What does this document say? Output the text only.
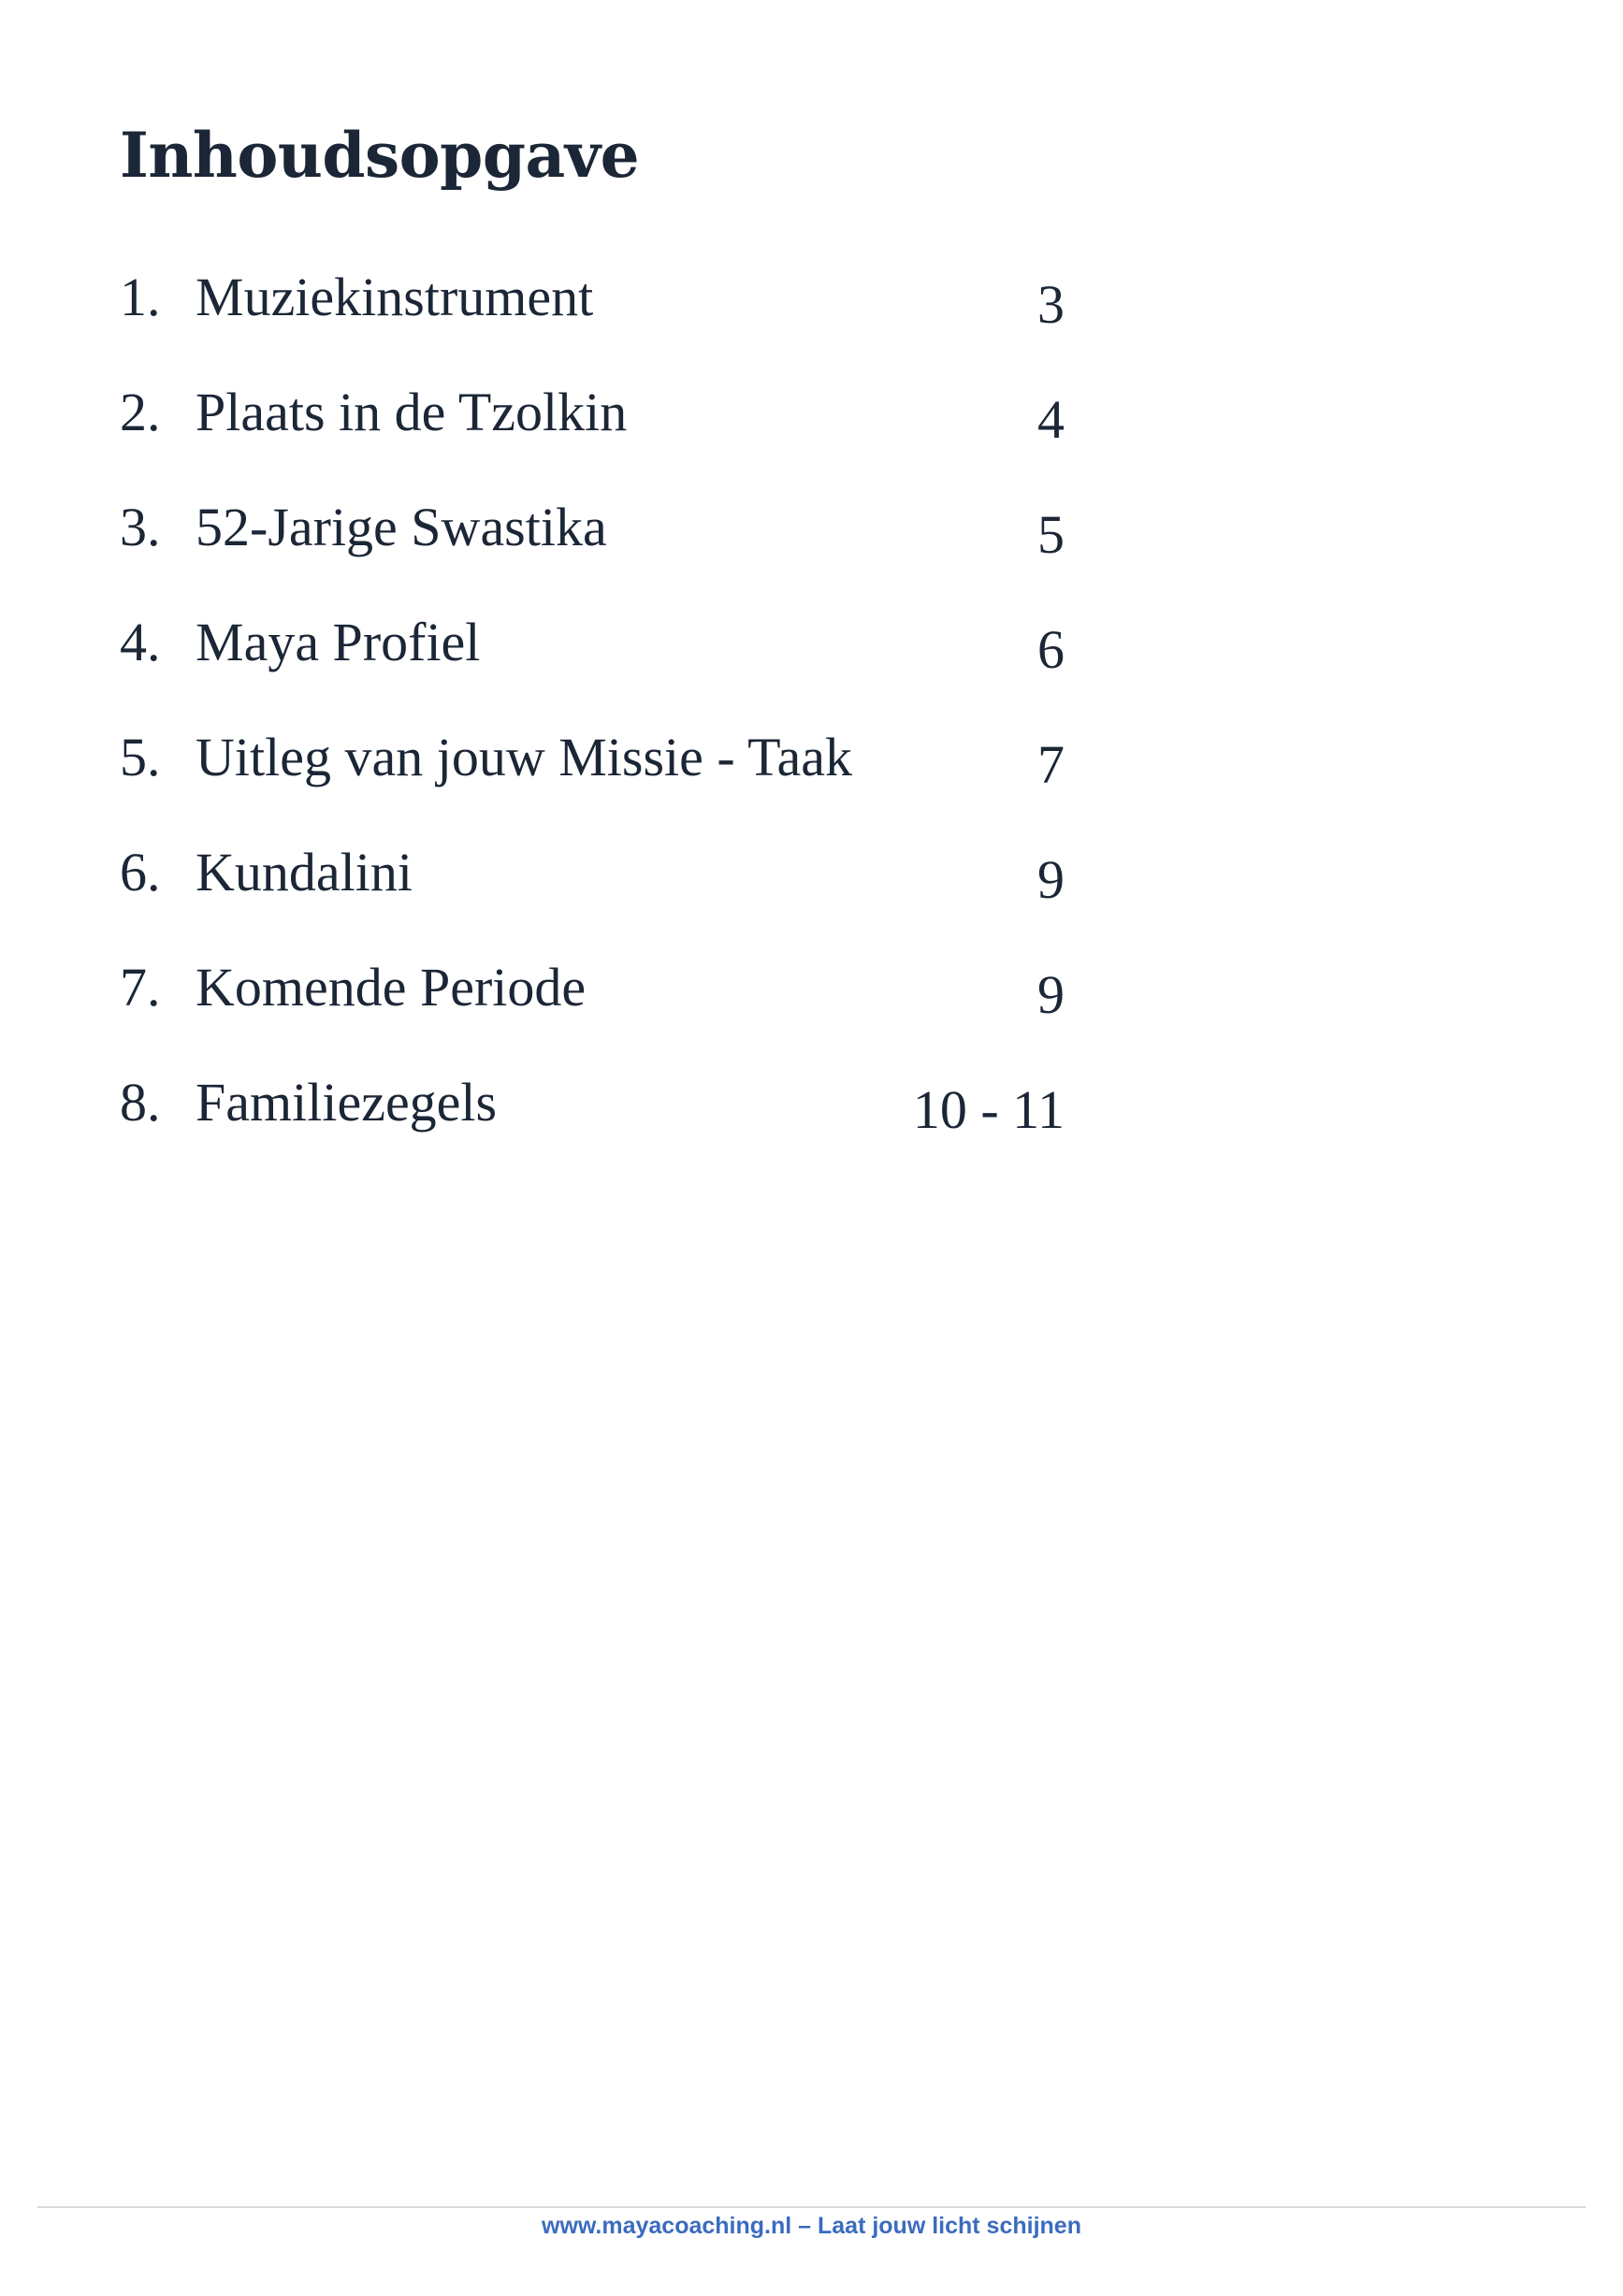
Inhoudsopgave
1. Muziekinstrument	3
2. Plaats in de Tzolkin	4
3. 52-Jarige Swastika	5
4. Maya Profiel	6
5. Uitleg van jouw Missie - Taak	7
6. Kundalini	9
7. Komende Periode	9
8. Familiezegels	10 - 11
www.mayacoaching.nl – Laat jouw licht schijnen
